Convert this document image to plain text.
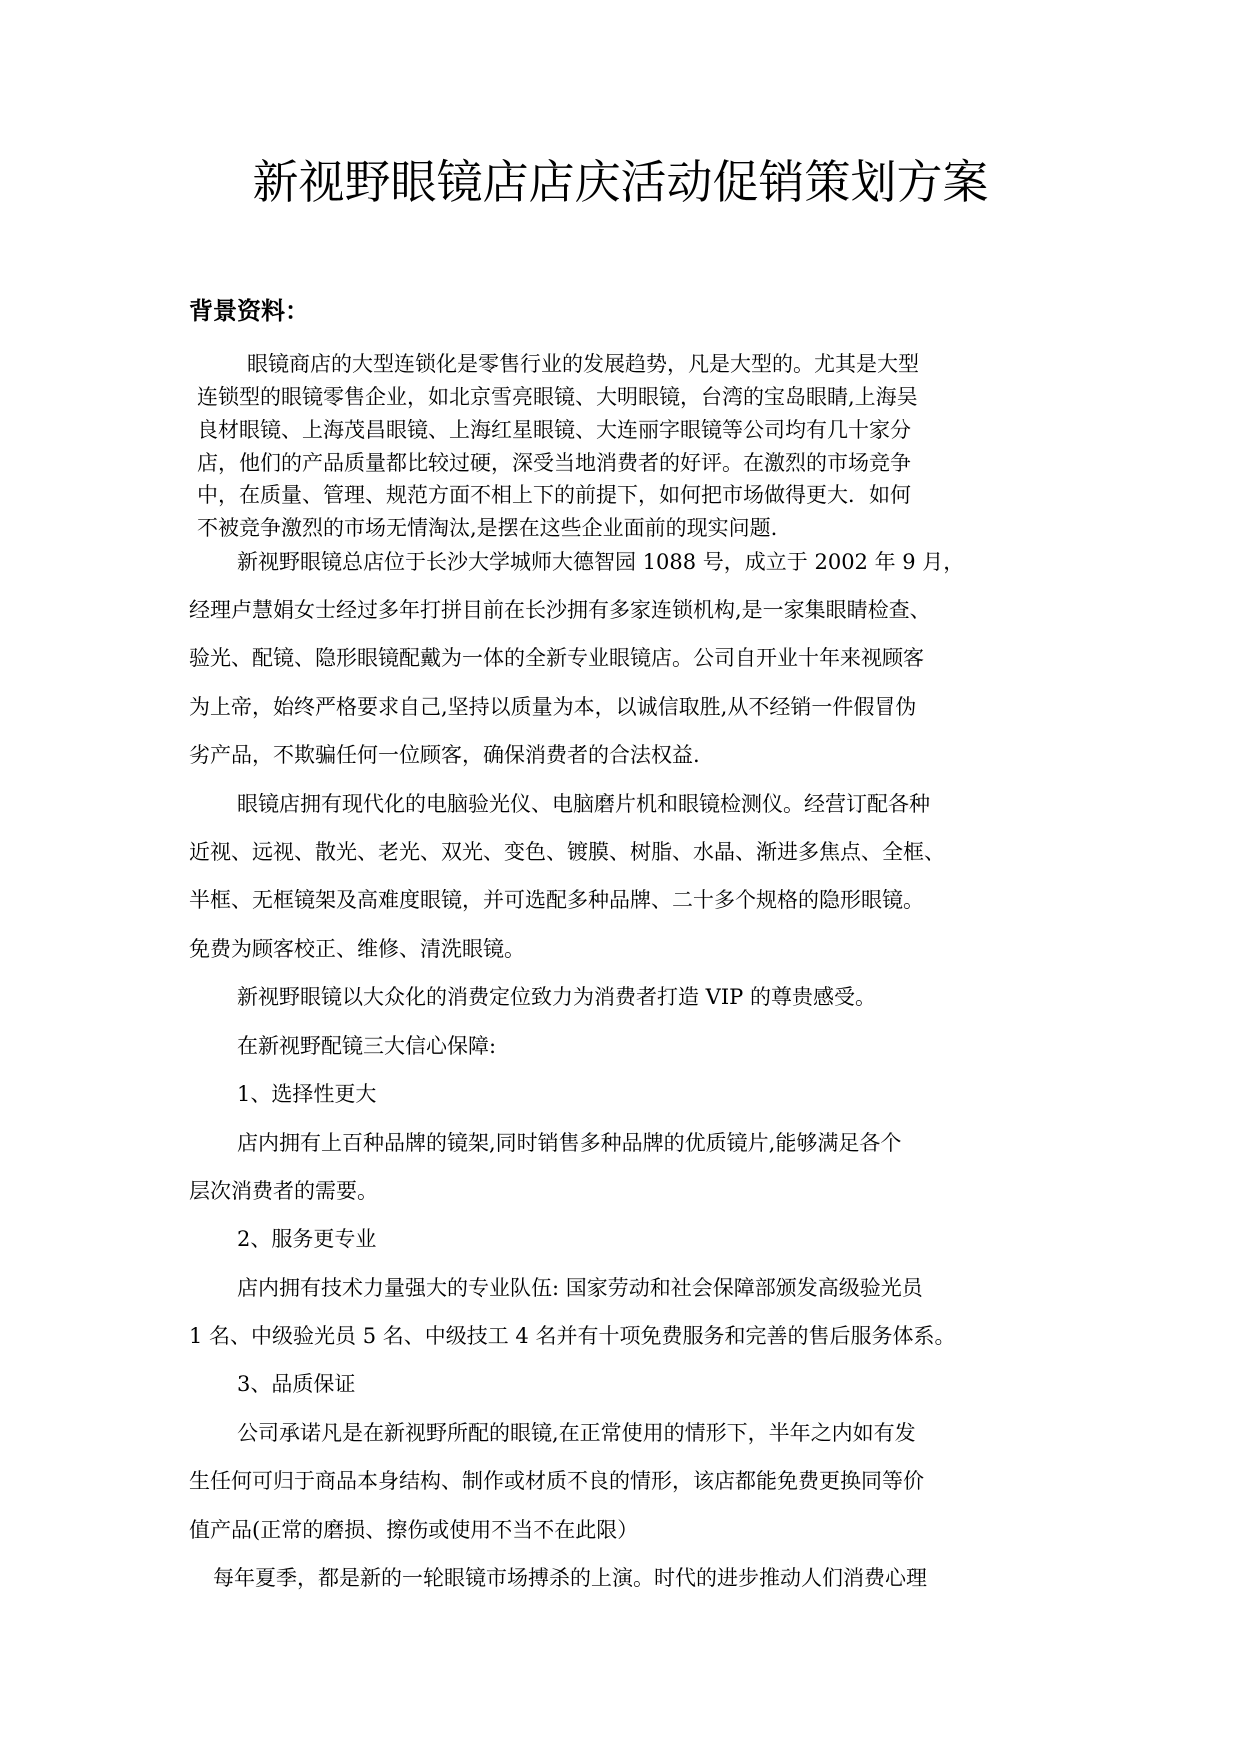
新视野眼镜店店庆活动促销策划方案
背景资料：

眼镜商店的大型连锁化是零售行业的发展趋势，凡是大型的。尤其是大型

连锁型的眼镜零售企业，如北京雪亮眼镜、大明眼镜，台湾的宝岛眼睛,上海吴

良材眼镜、上海茂昌眼镜、上海红星眼镜、大连丽字眼镜等公司均有几十家分

店，他们的产品质量都比较过硬，深受当地消费者的好评。在激烈的市场竞争

中，在质量、管理、规范方面不相上下的前提下，如何把市场做得更大．如何

不被竞争激烈的市场无情淘汰,是摆在这些企业面前的现实问题.

新视野眼镜总店位于长沙大学城师大德智园 1088 号，成立于 2002 年 9 月，

经理卢慧娟女士经过多年打拼目前在长沙拥有多家连锁机构,是一家集眼睛检查、

验光、配镜、隐形眼镜配戴为一体的全新专业眼镜店。公司自开业十年来视顾客

为上帝，始终严格要求自己,坚持以质量为本，以诚信取胜,从不经销一件假冒伪

劣产品，不欺骗任何一位顾客，确保消费者的合法权益.

眼镜店拥有现代化的电脑验光仪、电脑磨片机和眼镜检测仪。经营订配各种

近视、远视、散光、老光、双光、变色、镀膜、树脂、水晶、渐进多焦点、全框、

半框、无框镜架及高难度眼镜，并可选配多种品牌、二十多个规格的隐形眼镜。

免费为顾客校正、维修、清洗眼镜。

新视野眼镜以大众化的消费定位致力为消费者打造 VIP 的尊贵感受。

在新视野配镜三大信心保障:

1、选择性更大

店内拥有上百种品牌的镜架,同时销售多种品牌的优质镜片,能够满足各个

层次消费者的需要。

2、服务更专业

店内拥有技术力量强大的专业队伍: 国家劳动和社会保障部颁发高级验光员

1 名、中级验光员 5 名、中级技工 4 名并有十项免费服务和完善的售后服务体系。

3、品质保证

公司承诺凡是在新视野所配的眼镜,在正常使用的情形下，半年之内如有发

生任何可归于商品本身结构、制作或材质不良的情形，该店都能免费更换同等价

值产品(正常的磨损、擦伤或使用不当不在此限）

每年夏季，都是新的一轮眼镜市场搏杀的上演。时代的进步推动人们消费心理
